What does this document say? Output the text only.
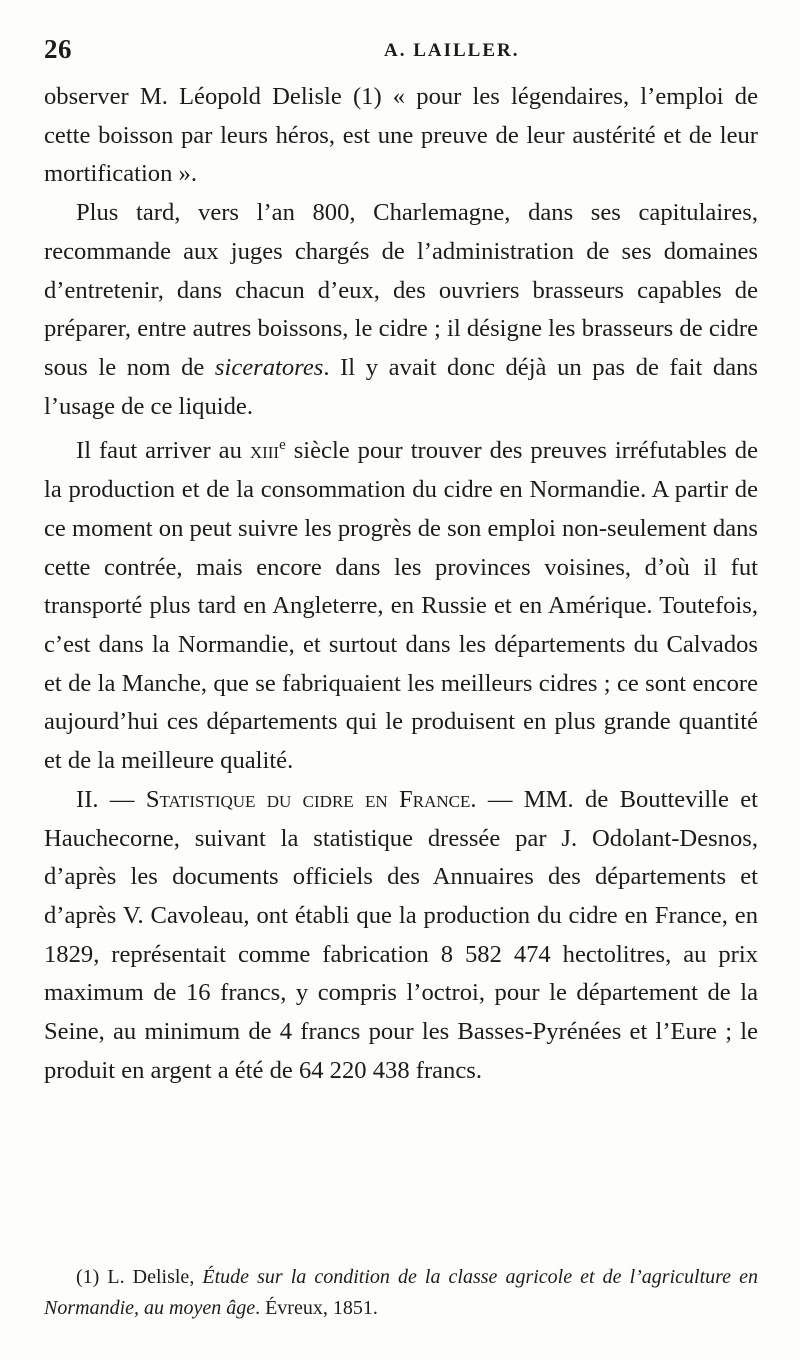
26	A. LAILLER.

observer M. Léopold Delisle (1) « pour les légendaires, l’emploi de cette boisson par leurs héros, est une preuve de leur austérité et de leur mortification ».

Plus tard, vers l’an 800, Charlemagne, dans ses capitulaires, recommande aux juges chargés de l’administration de ses domaines d’entretenir, dans chacun d’eux, des ouvriers brasseurs capables de préparer, entre autres boissons, le cidre ; il désigne les brasseurs de cidre sous le nom de siceratores. Il y avait donc déjà un pas de fait dans l’usage de ce liquide.

Il faut arriver au xiii$^e$ siècle pour trouver des preuves irréfutables de la production et de la consommation du cidre en Normandie. A partir de ce moment on peut suivre les progrès de son emploi non-seulement dans cette contrée, mais encore dans les provinces voisines, d’où il fut transporté plus tard en Angleterre, en Russie et en Amérique. Toutefois, c’est dans la Normandie, et surtout dans les départements du Calvados et de la Manche, que se fabriquaient les meilleurs cidres ; ce sont encore aujourd’hui ces départements qui le produisent en plus grande quantité et de la meilleure qualité.

II. — Statistique du cidre en France. — MM. de Boutteville et Hauchecorne, suivant la statistique dressée par J. Odolant-Desnos, d’après les documents officiels des Annuaires des départements et d’après V. Cavoleau, ont établi que la production du cidre en France, en 1829, représentait comme fabrication 8 582 474 hectolitres, au prix maximum de 16 francs, y compris l’octroi, pour le département de la Seine, au minimum de 4 francs pour les Basses-Pyrénées et l’Eure ; le produit en argent a été de 64 220 438 francs.

(1) L. Delisle, Étude sur la condition de la classe agricole et de l’agriculture en Normandie, au moyen âge. Évreux, 1851.
